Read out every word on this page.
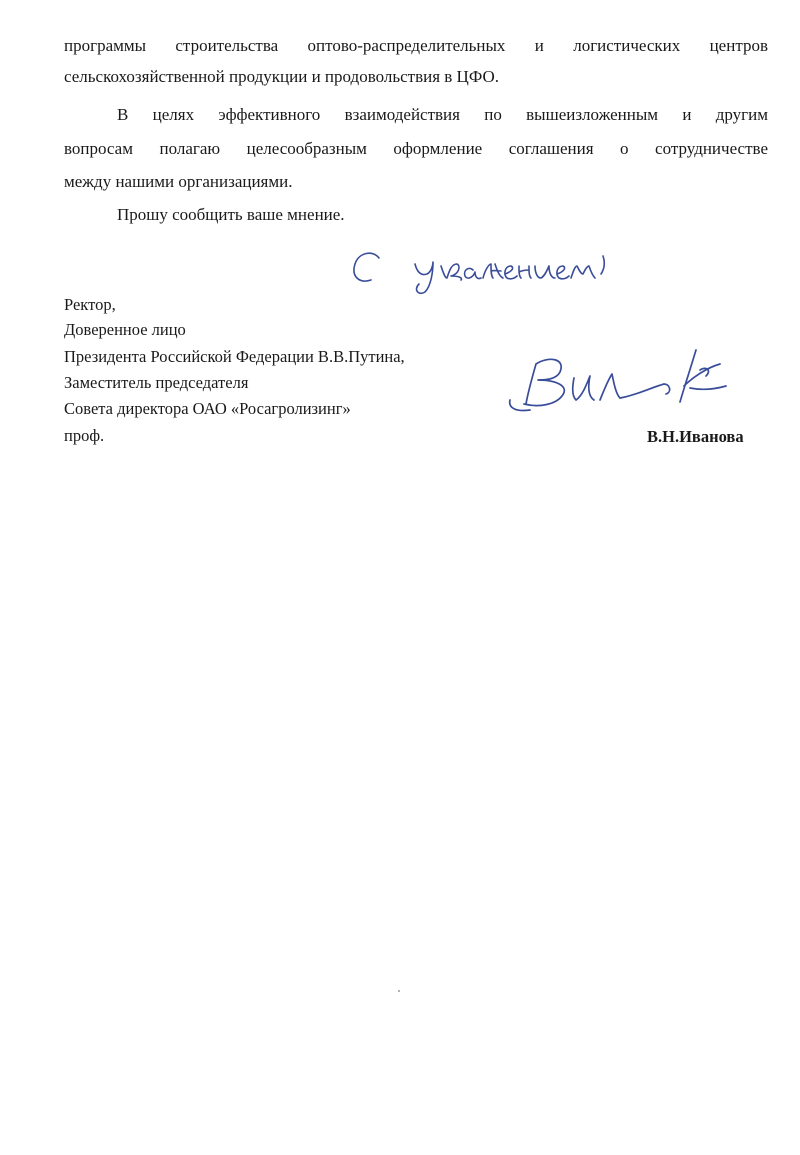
программы строительства оптово-распределительных и логистических центров
сельскохозяйственной продукции и продовольствия в ЦФО.
В целях эффективного взаимодействия по вышеизложенным и другим
вопросам полагаю целесообразным оформление соглашения о сотрудничестве
между нашими организациями.
Прошу сообщить ваше мнение.
Ректор,
Доверенное лицо
Президента Российской Федерации В.В.Путина,
Заместитель председателя
Совета директора ОАО «Росагролизинг»
проф.	В.Н.Иванова
